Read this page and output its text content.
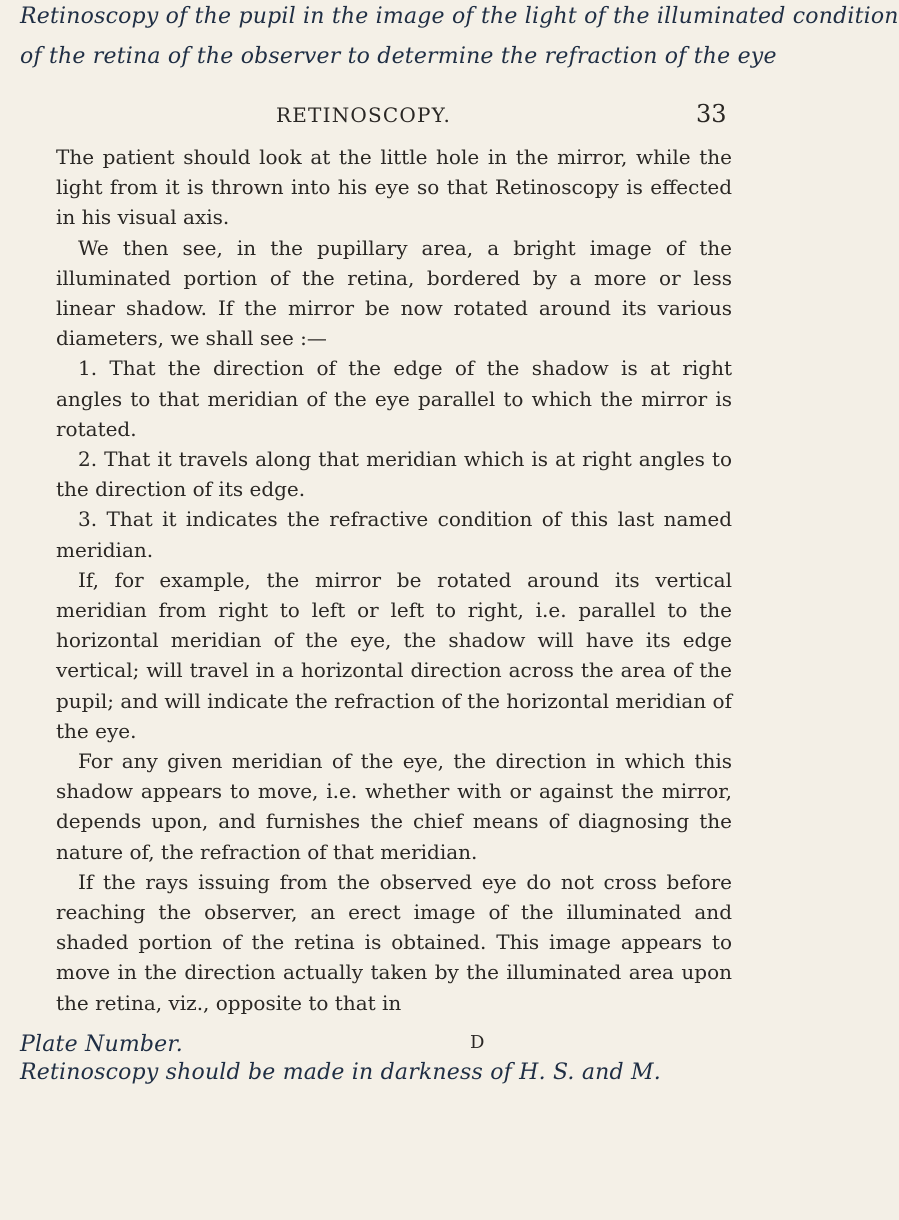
Retinoscopy of the pupil in the image of the light of the illuminated condition
of the retina of the observer to determine the refraction of the eye
RETINOSCOPY.	33

The patient should look at the little hole in the mirror, while the light from it is thrown into his eye so that Retinoscopy is effected in his visual axis.

We then see, in the pupillary area, a bright image of the illuminated portion of the retina, bordered by a more or less linear shadow. If the mirror be now rotated around its various diameters, we shall see :—

1. That the direction of the edge of the shadow is at right angles to that meridian of the eye parallel to which the mirror is rotated.

2. That it travels along that meridian which is at right angles to the direction of its edge.

3. That it indicates the refractive condition of this last named meridian.

If, for example, the mirror be rotated around its vertical meridian from right to left or left to right, i.e. parallel to the horizontal meridian of the eye, the shadow will have its edge vertical; will travel in a horizontal direction across the area of the pupil; and will indicate the refraction of the horizontal meridian of the eye.

For any given meridian of the eye, the direction in which this shadow appears to move, i.e. whether with or against the mirror, depends upon, and furnishes the chief means of diagnosing the nature of, the refraction of that meridian.

If the rays issuing from the observed eye do not cross before reaching the observer, an erect image of the illuminated and shaded portion of the retina is obtained. This image appears to move in the direction actually taken by the illuminated area upon the retina, viz., opposite to that in

D
Plate Number.
Retinoscopy should be made in darkness of H. S. and M.
